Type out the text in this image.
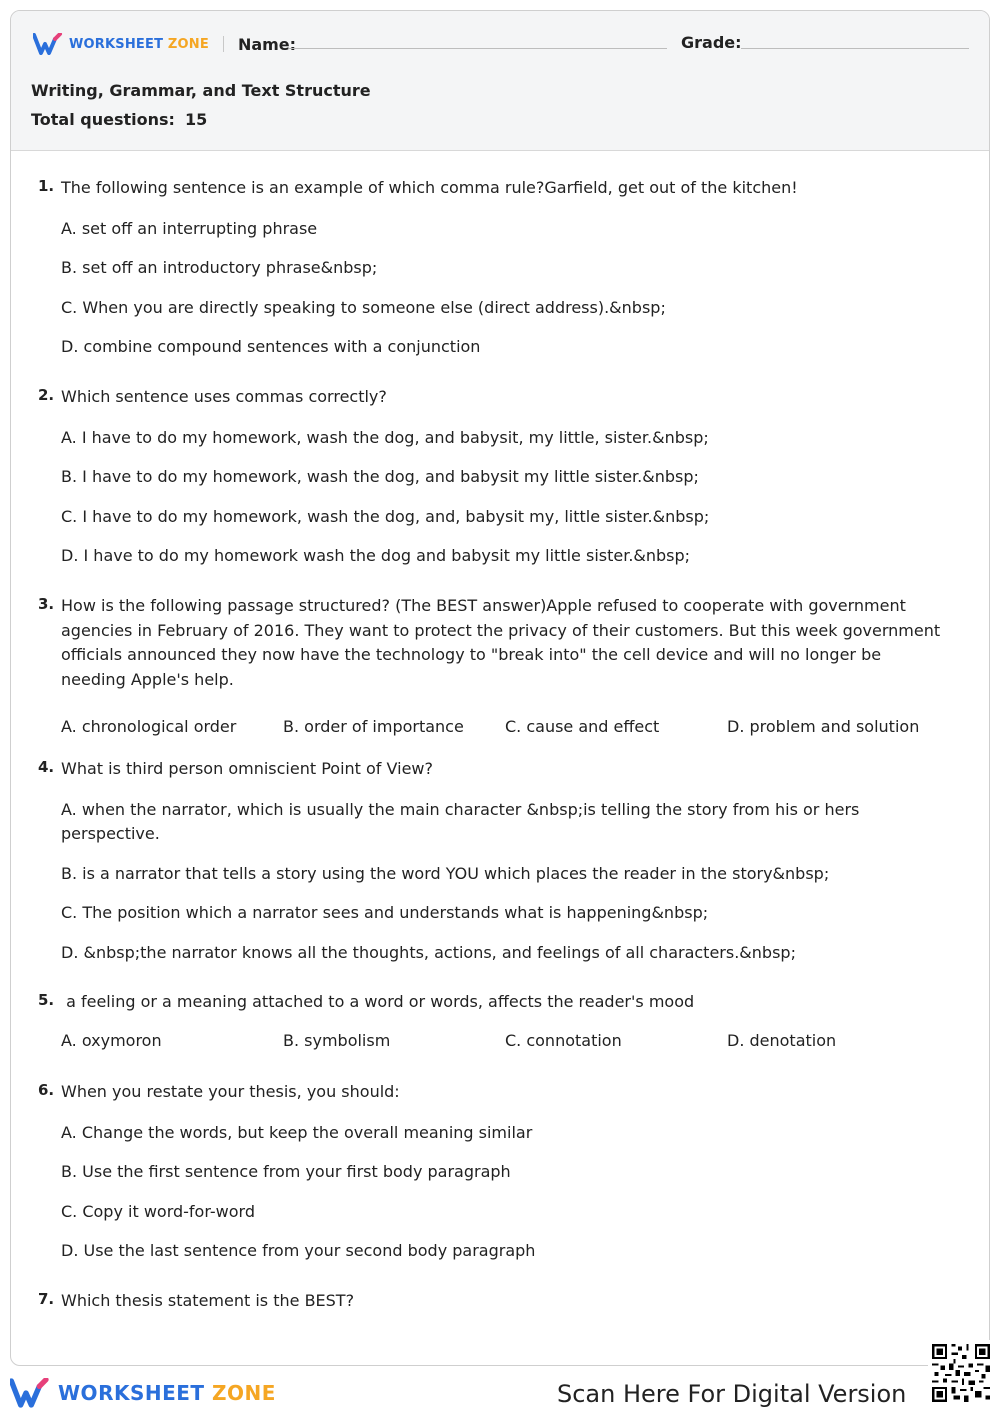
WORKSHEET ZONE Name:	Grade:
Writing, Grammar, and Text Structure
Total questions: 15
1. The following sentence is an example of which comma rule?Garfield, get out of the kitchen!
A. set off an interrupting phrase
B. set off an introductory phrase&nbsp;
C. When you are directly speaking to someone else (direct address).&nbsp;
D. combine compound sentences with a conjunction
2. Which sentence uses commas correctly?
A. I have to do my homework, wash the dog, and babysit, my little, sister.&nbsp;
B. I have to do my homework, wash the dog, and babysit my little sister.&nbsp;
C. I have to do my homework, wash the dog, and, babysit my, little sister.&nbsp;
D. I have to do my homework wash the dog and babysit my little sister.&nbsp;
3. How is the following passage structured? (The BEST answer)Apple refused to cooperate with government agencies in February of 2016. They want to protect the privacy of their customers. But this week government officials announced they now have the technology to "break into" the cell device and will no longer be needing Apple's help.
A. chronological order	B. order of importance	C. cause and effect	D. problem and solution
4. What is third person omniscient Point of View?
A. when the narrator, which is usually the main character &nbsp;is telling the story from his or hers perspective.
B. is a narrator that tells a story using the word YOU which places the reader in the story&nbsp;
C. The position which a narrator sees and understands what is happening&nbsp;
D. &nbsp;the narrator knows all the thoughts, actions, and feelings of all characters.&nbsp;
5. a feeling or a meaning attached to a word or words, affects the reader's mood
A. oxymoron	B. symbolism	C. connotation	D. denotation
6. When you restate your thesis, you should:
A. Change the words, but keep the overall meaning similar
B. Use the first sentence from your first body paragraph
C. Copy it word-for-word
D. Use the last sentence from your second body paragraph
7. Which thesis statement is the BEST?
WORKSHEET ZONE	Scan Here For Digital Version
